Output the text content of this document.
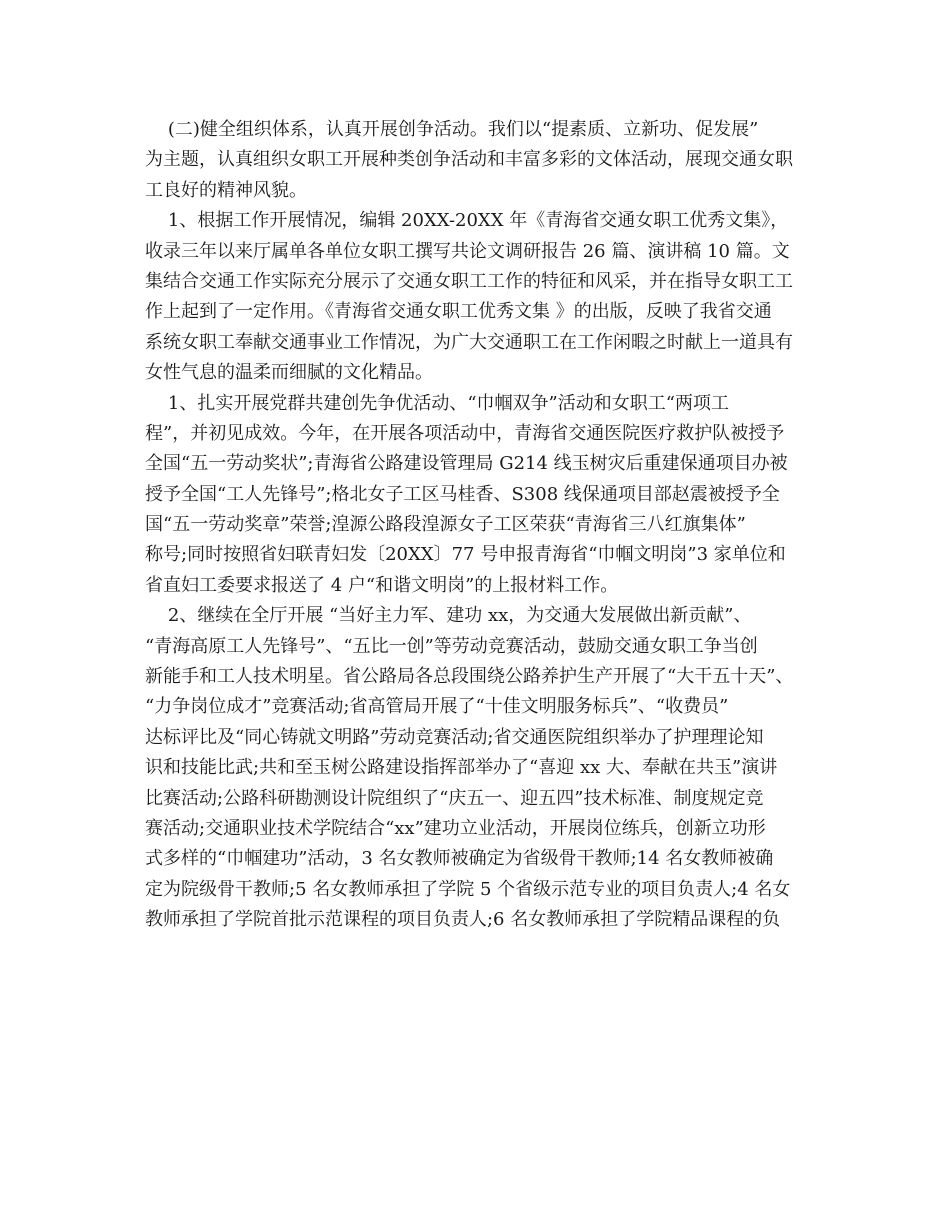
(二)健全组织体系，认真开展创争活动。我们以“提素质、立新功、促发展”
为主题，认真组织女职工开展种类创争活动和丰富多彩的文体活动，展现交通女职
工良好的精神风貌。
1、根据工作开展情况，编辑 20XX-20XX 年《青海省交通女职工优秀文集》，
收录三年以来厅属单各单位女职工撰写共论文调研报告 26 篇、演讲稿 10 篇。文
集结合交通工作实际充分展示了交通女职工工作的特征和风采，并在指导女职工工
作上起到了一定作用。《青海省交通女职工优秀文集 》的出版，反映了我省交通
系统女职工奉献交通事业工作情况，为广大交通职工在工作闲暇之时献上一道具有
女性气息的温柔而细腻的文化精品。
1、扎实开展党群共建创先争优活动、“巾帼双争”活动和女职工“两项工
程”，并初见成效。今年，在开展各项活动中，青海省交通医院医疗救护队被授予
全国“五一劳动奖状”;青海省公路建设管理局 G214 线玉树灾后重建保通项目办被
授予全国“工人先锋号”;格北女子工区马桂香、S308 线保通项目部赵震被授予全
国“五一劳动奖章”荣誉;湟源公路段湟源女子工区荣获“青海省三八红旗集体”
称号;同时按照省妇联青妇发〔20XX〕77 号申报青海省“巾帼文明岗”3 家单位和
省直妇工委要求报送了 4 户“和谐文明岗”的上报材料工作。
2、继续在全厅开展 “当好主力军、建功 xx，为交通大发展做出新贡献”、
“青海高原工人先锋号”、“五比一创”等劳动竞赛活动，鼓励交通女职工争当创
新能手和工人技术明星。省公路局各总段围绕公路养护生产开展了“大干五十天”、
“力争岗位成才”竞赛活动;省高管局开展了“十佳文明服务标兵”、“收费员”
达标评比及“同心铸就文明路”劳动竞赛活动;省交通医院组织举办了护理理论知
识和技能比武;共和至玉树公路建设指挥部举办了“喜迎 xx 大、奉献在共玉”演讲
比赛活动;公路科研勘测设计院组织了“庆五一、迎五四”技术标准、制度规定竞
赛活动;交通职业技术学院结合“xx”建功立业活动，开展岗位练兵，创新立功形
式多样的“巾帼建功”活动，3 名女教师被确定为省级骨干教师;14 名女教师被确
定为院级骨干教师;5 名女教师承担了学院 5 个省级示范专业的项目负责人;4 名女
教师承担了学院首批示范课程的项目负责人;6 名女教师承担了学院精品课程的负
